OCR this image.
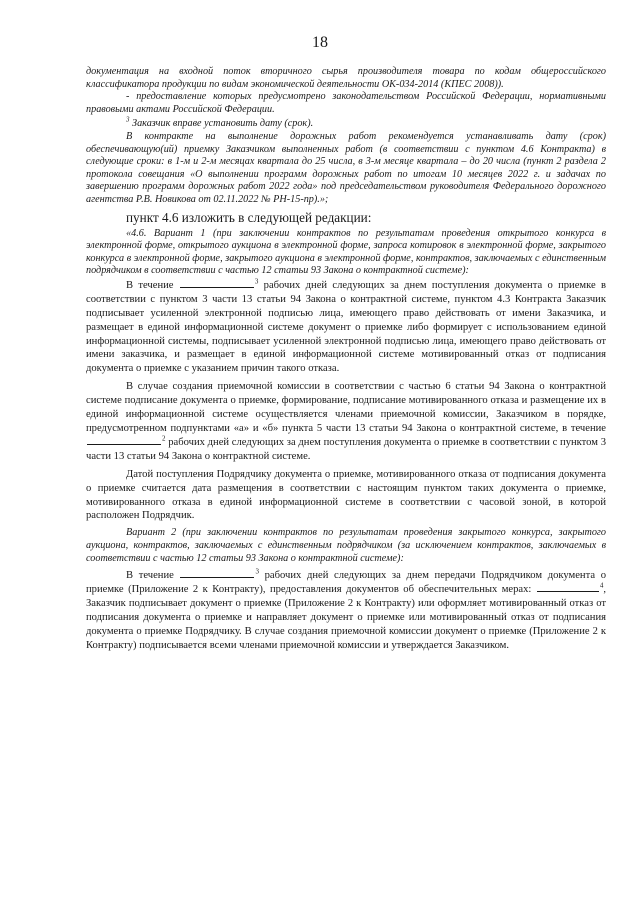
18

документация на входной поток вторичного сырья производителя товара по кодам общероссийского классификатора продукции по видам экономической деятельности ОК-034-2014 (КПЕС 2008)).

- предоставление которых предусмотрено законодательством Российской Федерации, нормативными правовыми актами Российской Федерации.

$^3$ Заказчик вправе установить дату (срок).

В контракте на выполнение дорожных работ рекомендуется устанавливать дату (срок) обеспечивающую(ий) приемку Заказчиком выполненных работ (в соответствии с пунктом 4.6 Контракта) в следующие сроки: в 1-м и 2-м месяцах квартала до 25 числа, в 3-м месяце квартала – до 20 числа (пункт 2 раздела 2 протокола совещания «О выполнении программ дорожных работ по итогам 10 месяцев 2022 г. и задачах по завершению программ дорожных работ 2022 года» под председательством руководителя Федерального дорожного агентства Р.В. Новикова от 02.11.2022 № РН-15-пр).»;

пункт 4.6 изложить в следующей редакции:

«4.6. Вариант 1 (при заключении контрактов по результатам проведения открытого конкурса в электронной форме, открытого аукциона в электронной форме, запроса котировок в электронной форме, закрытого конкурса в электронной форме, закрытого аукциона в электронной форме, контрактов, заключаемых с единственным подрядчиком в соответствии с частью 12 статьи 93 Закона о контрактной системе):

В течение	$^3$ рабочих дней следующих за днем поступления документа о приемке в соответствии с пунктом 3 части 13 статьи 94 Закона о контрактной системе, пунктом 4.3 Контракта Заказчик подписывает усиленной электронной подписью лица, имеющего право действовать от имени Заказчика, и размещает в единой информационной системе документ о приемке либо формирует с использованием единой информационной системы, подписывает усиленной электронной подписью лица, имеющего право действовать от имени заказчика, и размещает в единой информационной системе мотивированный отказ от подписания документа о приемке с указанием причин такого отказа.

В случае создания приемочной комиссии в соответствии с частью 6 статьи 94 Закона о контрактной системе подписание документа о приемке, формирование, подписание мотивированного отказа и размещение их в единой информационной системе осуществляется членами приемочной комиссии, Заказчиком в порядке, предусмотренном подпунктами «а» и «б» пункта 5 части 13 статьи 94 Закона о контрактной системе, в течение $^2$ рабочих дней следующих за днем поступления документа о приемке в соответствии с пунктом 3 части 13 статьи 94 Закона о контрактной системе.

Датой поступления Подрядчику документа о приемке, мотивированного отказа от подписания документа о приемке считается дата размещения в соответствии с настоящим пунктом таких документа о приемке, мотивированного отказа в единой информационной системе в соответствии с часовой зоной, в которой расположен Подрядчик.

Вариант 2 (при заключении контрактов по результатам проведения закрытого конкурса, закрытого аукциона, контрактов, заключаемых с единственным подрядчиком (за исключением контрактов, заключаемых в соответствии с частью 12 статьи 93 Закона о контрактной системе):

В течение	$^3$ рабочих дней следующих за днем передачи Подрядчиком документа о приемке (Приложение 2 к Контракту), предоставления документов об обеспечительных мерах:	$^4$, Заказчик подписывает документ о приемке (Приложение 2 к Контракту) или оформляет мотивированный отказ от подписания документа о приемке и направляет документ о приемке или мотивированный отказ от подписания документа о приемке Подрядчику. В случае создания приемочной комиссии документ о приемке (Приложение 2 к Контракту) подписывается всеми членами приемочной комиссии и утверждается Заказчиком.
